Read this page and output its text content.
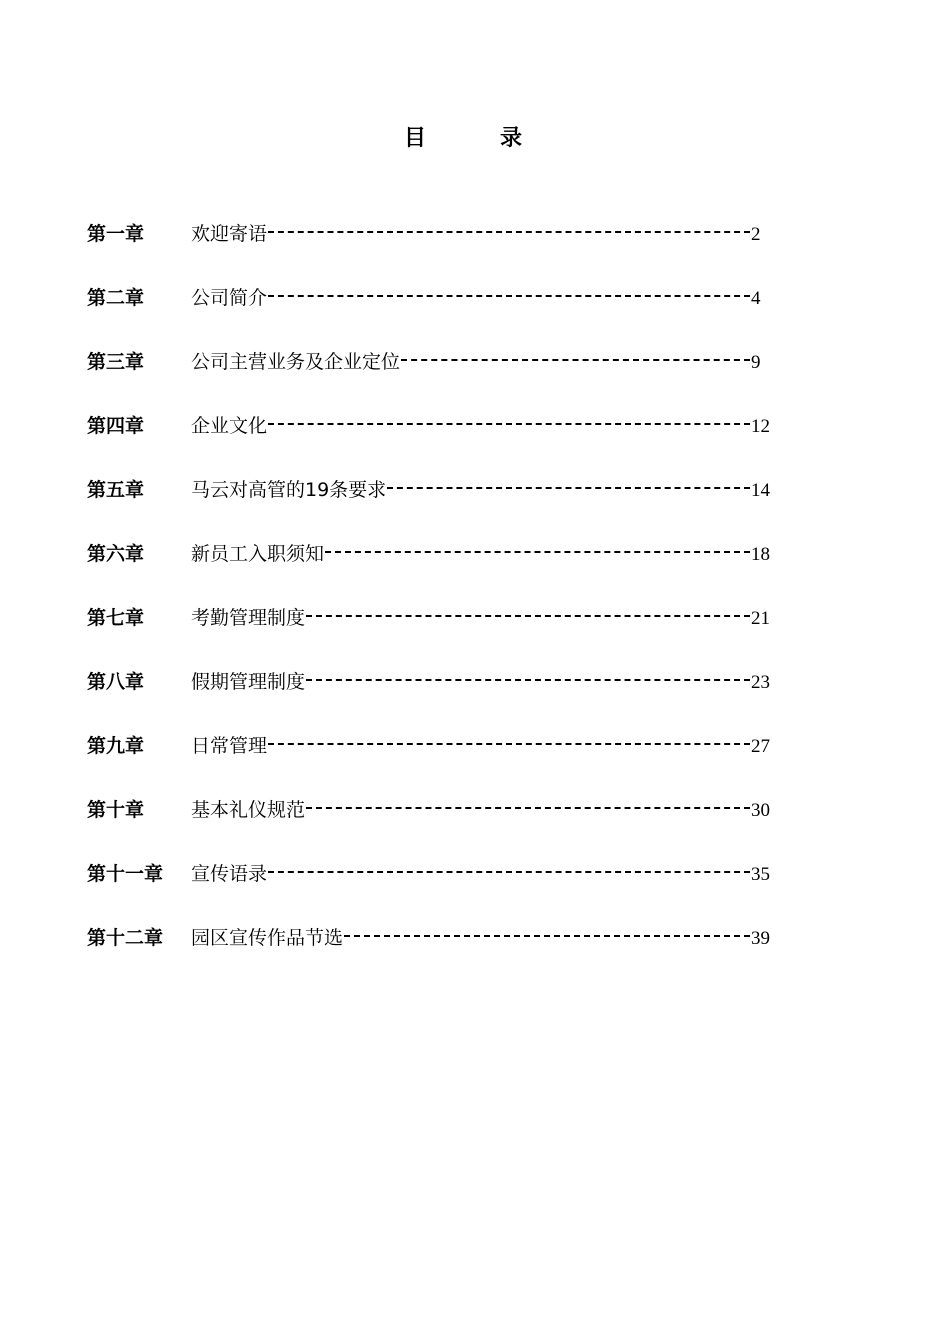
目　录
第一章	欢迎寄语	2
第二章	公司简介	4
第三章	公司主营业务及企业定位	9
第四章	企业文化	12
第五章	马云对高管的19条要求	14
第六章	新员工入职须知	18
第七章	考勤管理制度	21
第八章	假期管理制度	23
第九章	日常管理	27
第十章	基本礼仪规范	30
第十一章	宣传语录	35
第十二章	园区宣传作品节选	39
